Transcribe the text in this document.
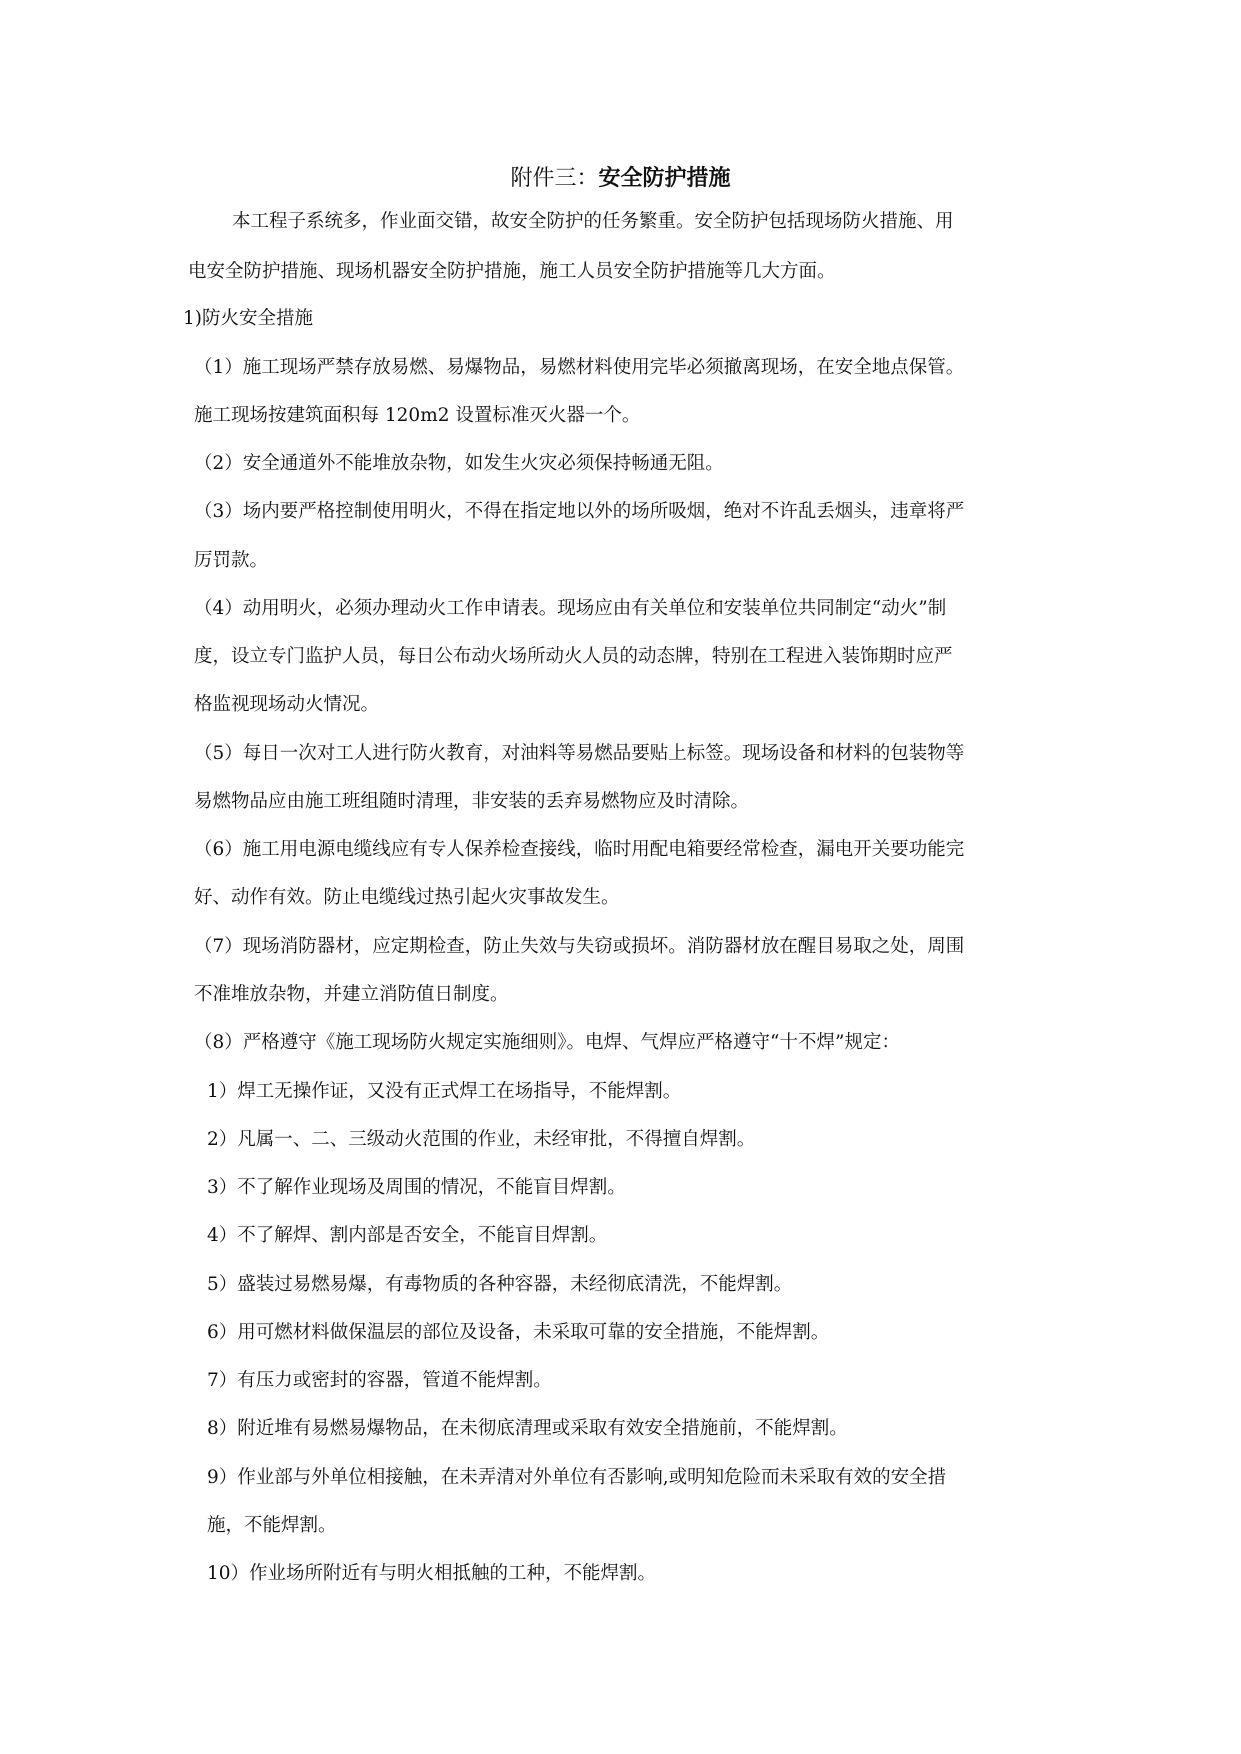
附件三：安全防护措施
本工程子系统多，作业面交错，故安全防护的任务繁重。安全防护包括现场防火措施、用
电安全防护措施、现场机器安全防护措施，施工人员安全防护措施等几大方面。
1)防火安全措施
（1）施工现场严禁存放易燃、易爆物品，易燃材料使用完毕必须撤离现场，在安全地点保管。
施工现场按建筑面积每 120m2 设置标准灭火器一个。
（2）安全通道外不能堆放杂物，如发生火灾必须保持畅通无阻。
（3）场内要严格控制使用明火，不得在指定地以外的场所吸烟，绝对不许乱丢烟头，违章将严
厉罚款。
（4）动用明火，必须办理动火工作申请表。现场应由有关单位和安装单位共同制定“动火”制
度，设立专门监护人员，每日公布动火场所动火人员的动态牌，特别在工程进入装饰期时应严
格监视现场动火情况。
（5）每日一次对工人进行防火教育，对油料等易燃品要贴上标签。现场设备和材料的包装物等
易燃物品应由施工班组随时清理，非安装的丢弃易燃物应及时清除。
（6）施工用电源电缆线应有专人保养检查接线，临时用配电箱要经常检查，漏电开关要功能完
好、动作有效。防止电缆线过热引起火灾事故发生。
（7）现场消防器材，应定期检查，防止失效与失窃或损坏。消防器材放在醒目易取之处，周围
不准堆放杂物，并建立消防值日制度。
（8）严格遵守《施工现场防火规定实施细则》。电焊、气焊应严格遵守“十不焊”规定：
1）焊工无操作证，又没有正式焊工在场指导，不能焊割。
2）凡属一、二、三级动火范围的作业，未经审批，不得擅自焊割。
3）不了解作业现场及周围的情况，不能盲目焊割。
4）不了解焊、割内部是否安全，不能盲目焊割。
5）盛装过易燃易爆，有毒物质的各种容器，未经彻底清洗，不能焊割。
6）用可燃材料做保温层的部位及设备，未采取可靠的安全措施，不能焊割。
7）有压力或密封的容器，管道不能焊割。
8）附近堆有易燃易爆物品，在未彻底清理或采取有效安全措施前，不能焊割。
9）作业部与外单位相接触，在未弄清对外单位有否影响,或明知危险而未采取有效的安全措
施，不能焊割。
10）作业场所附近有与明火相抵触的工种，不能焊割。
